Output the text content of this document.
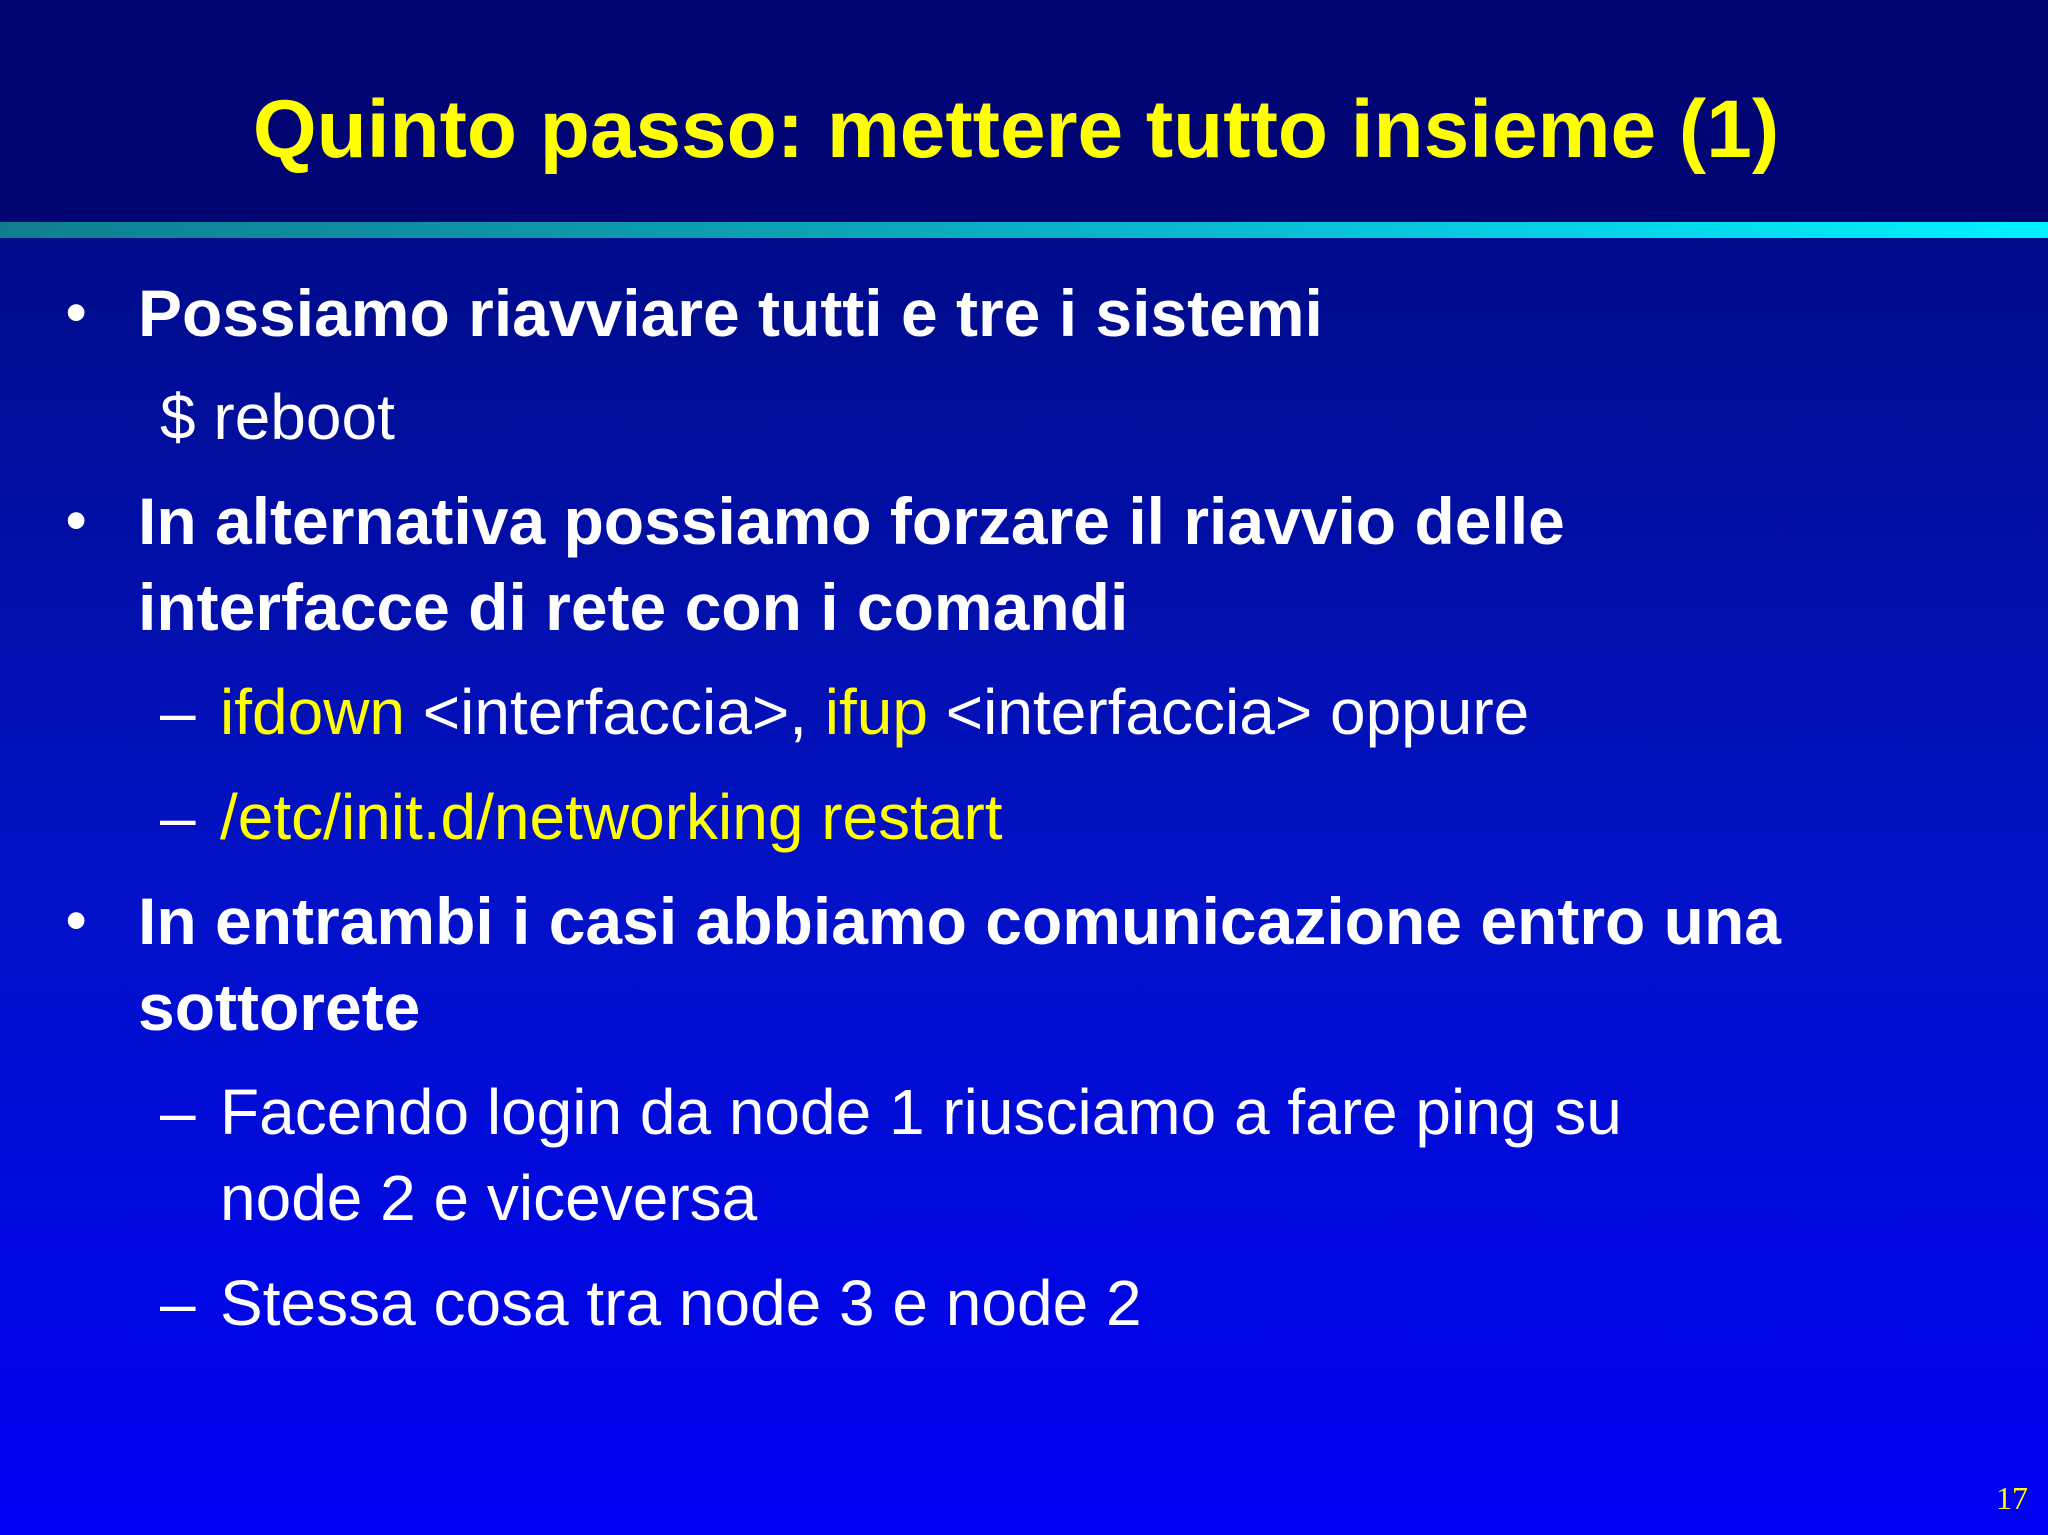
Quinto passo: mettere tutto insieme (1)
• Possiamo riavviare tutti e tre i sistemi
$ reboot
• In alternativa possiamo forzare il riavvio delle
interfacce di rete con i comandi
– ifdown <interfaccia>, ifup <interfaccia> oppure
– /etc/init.d/networking restart
• In entrambi i casi abbiamo comunicazione entro una
sottorete
– Facendo login da node 1 riusciamo a fare ping su
node 2 e viceversa
– Stessa cosa tra node 3 e node 2
17
